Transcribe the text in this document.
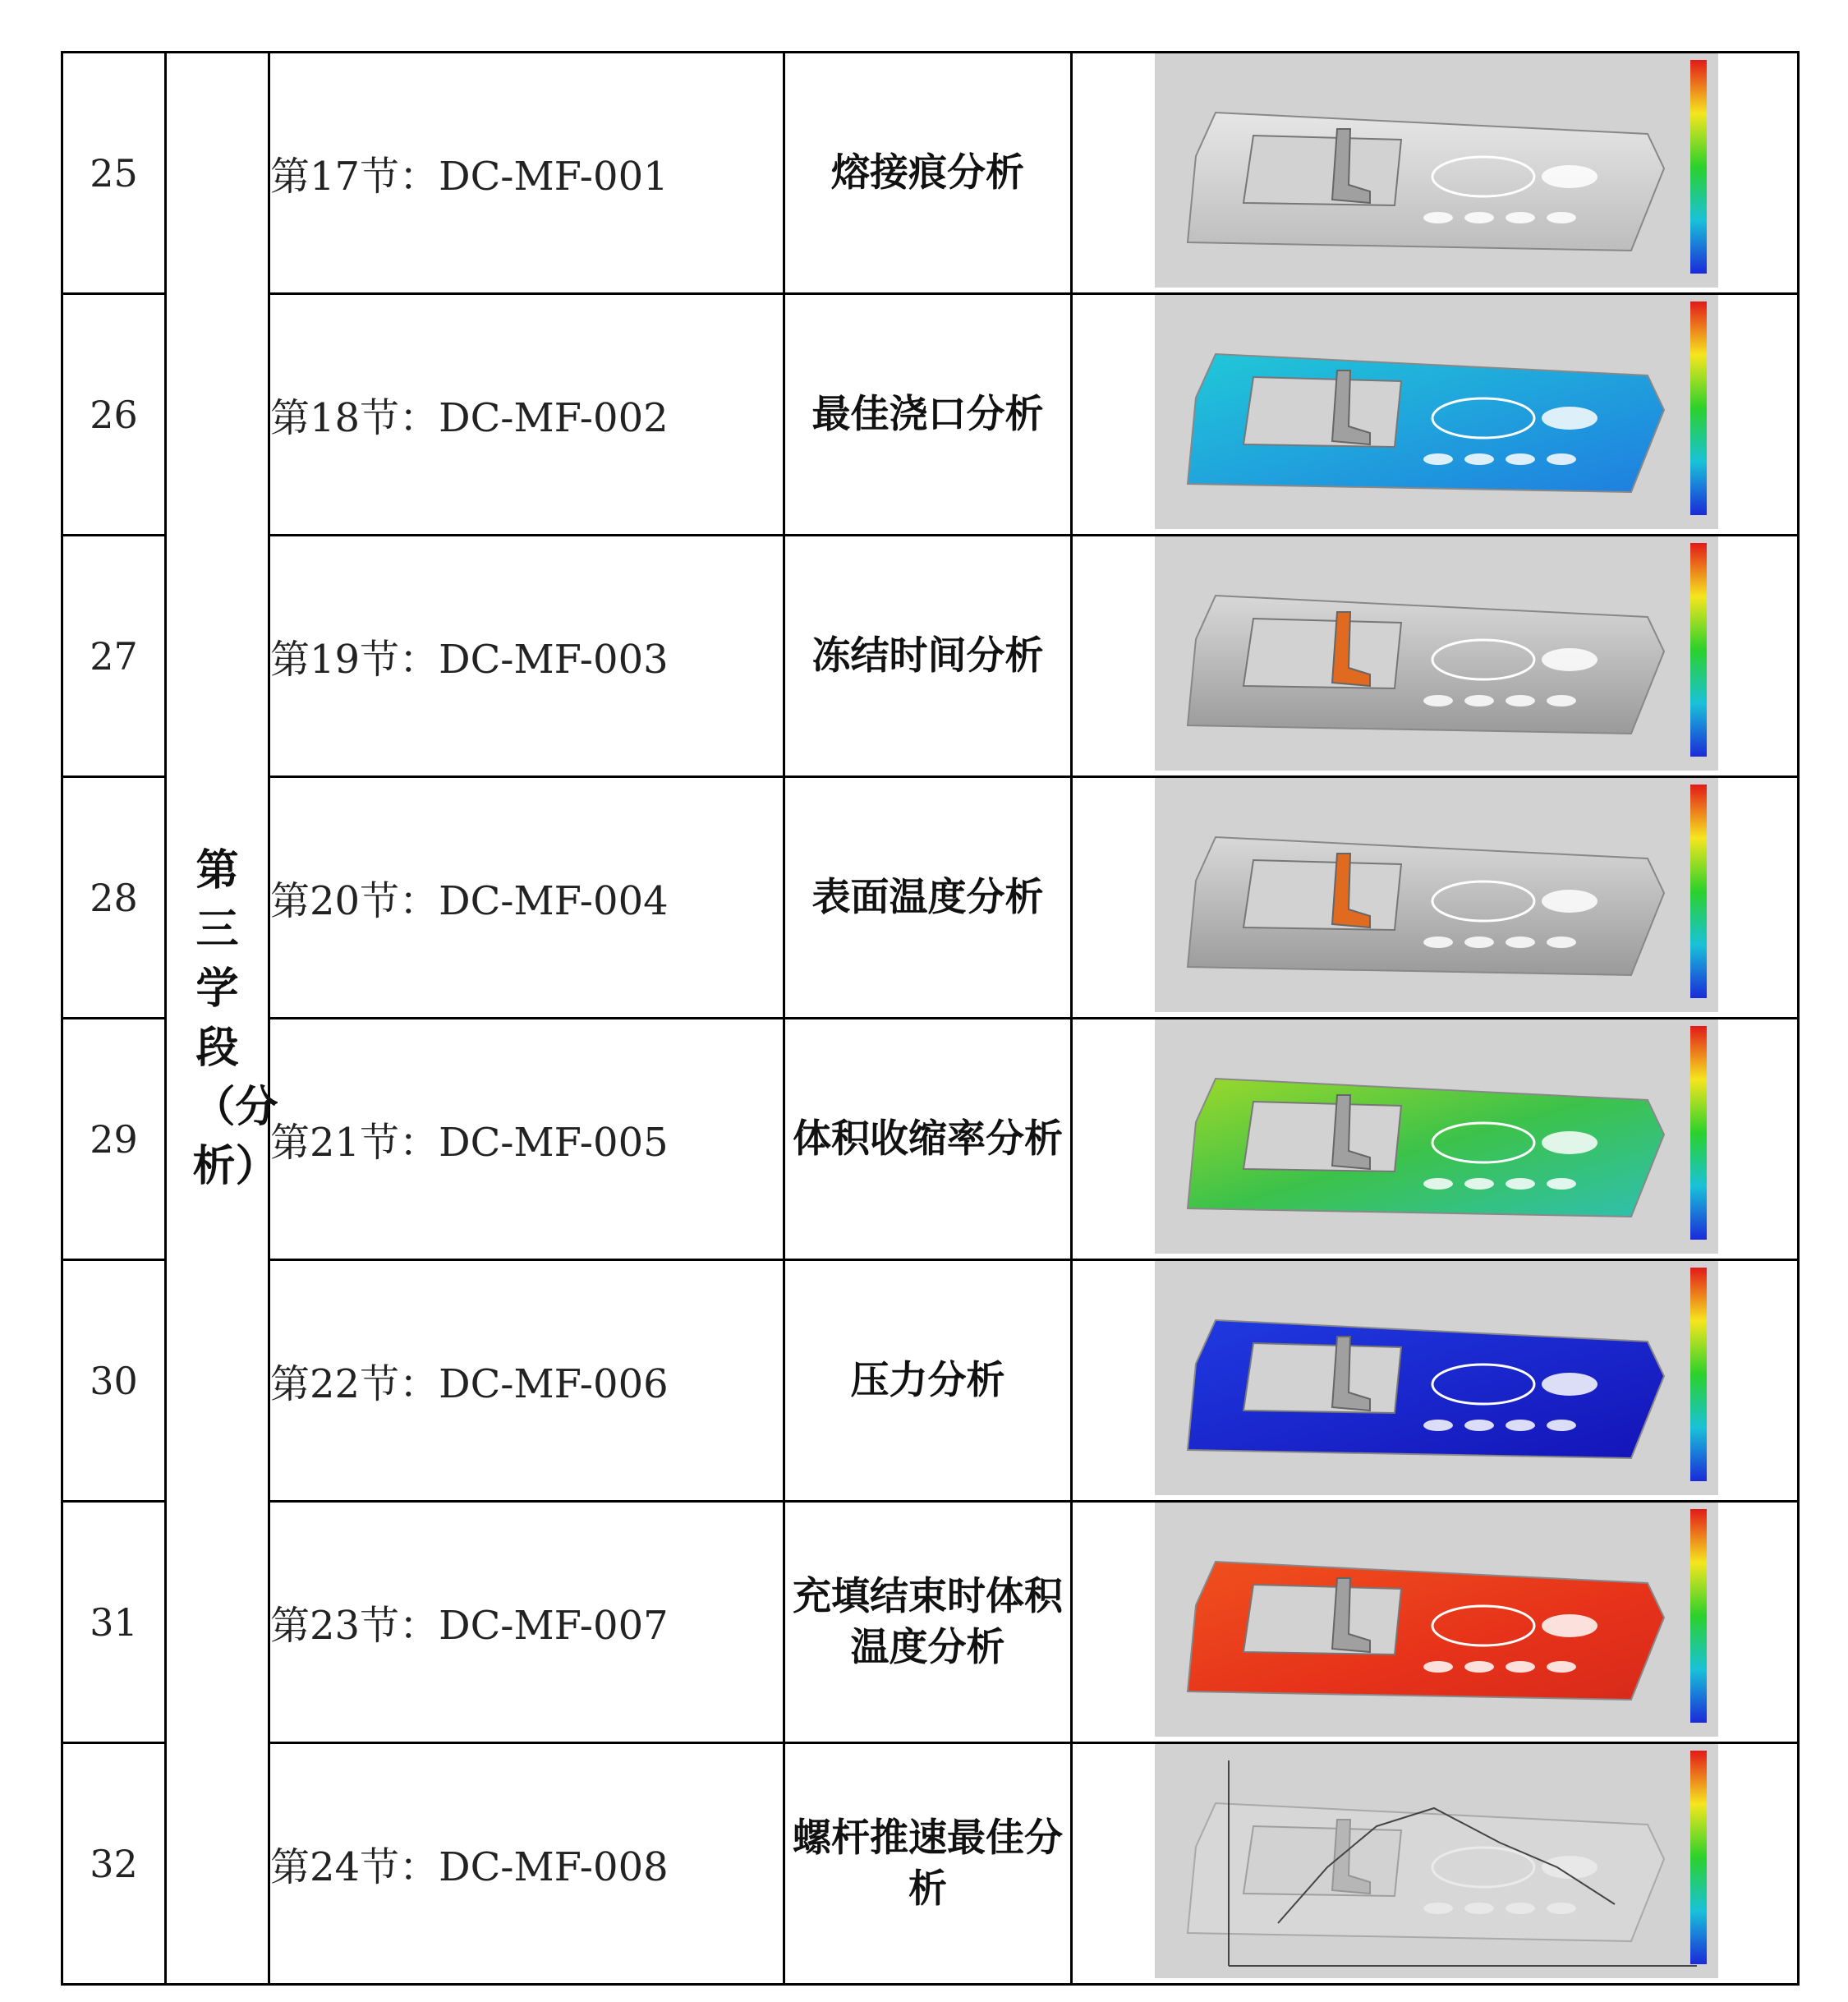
25	第三学段（分析）	第17节：DC-MF-001	熔接痕分析	

26		第18节：DC-MF-002	最佳浇口分析	

27		第19节：DC-MF-003	冻结时间分析	

28		第20节：DC-MF-004	表面温度分析	

29		第21节：DC-MF-005	体积收缩率分析	

30		第22节：DC-MF-006	压力分析	

31		第23节：DC-MF-007	充填结束时体积温度分析	

32		第24节：DC-MF-008	螺杆推速最佳分析	
